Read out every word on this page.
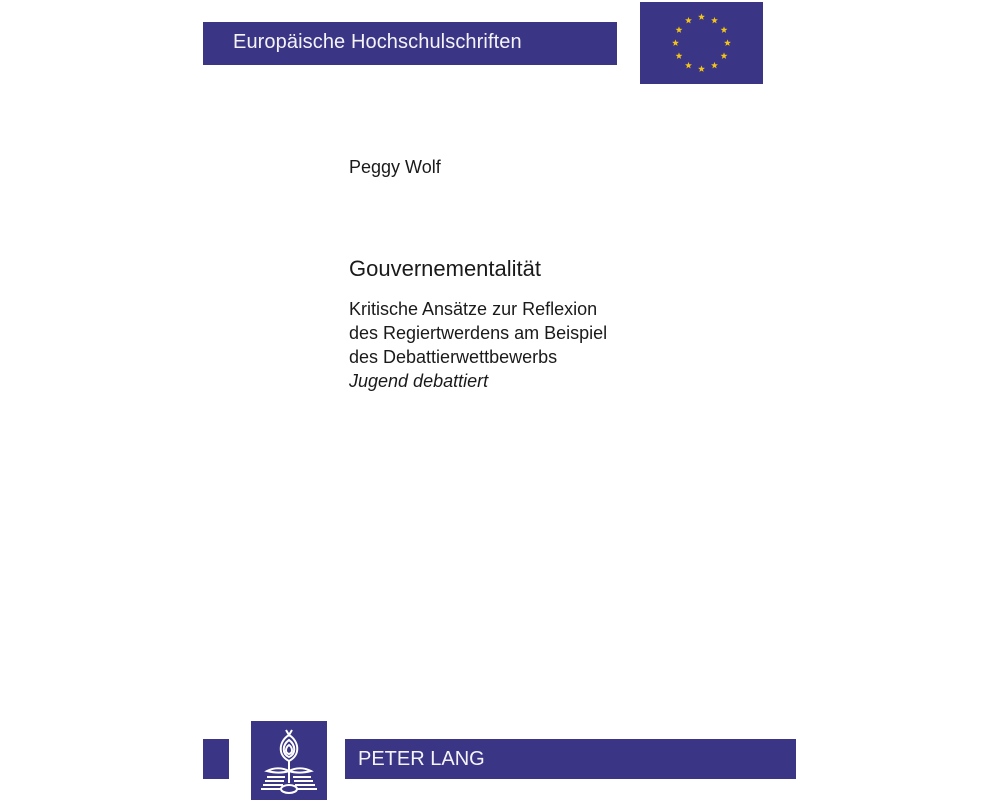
Europäische Hochschulschriften
Peggy Wolf
Gouvernementalität
Kritische Ansätze zur Reflexion
des Regiertwerdens am Beispiel
des Debattierwettbewerbs
Jugend debattiert
PETER LANG
